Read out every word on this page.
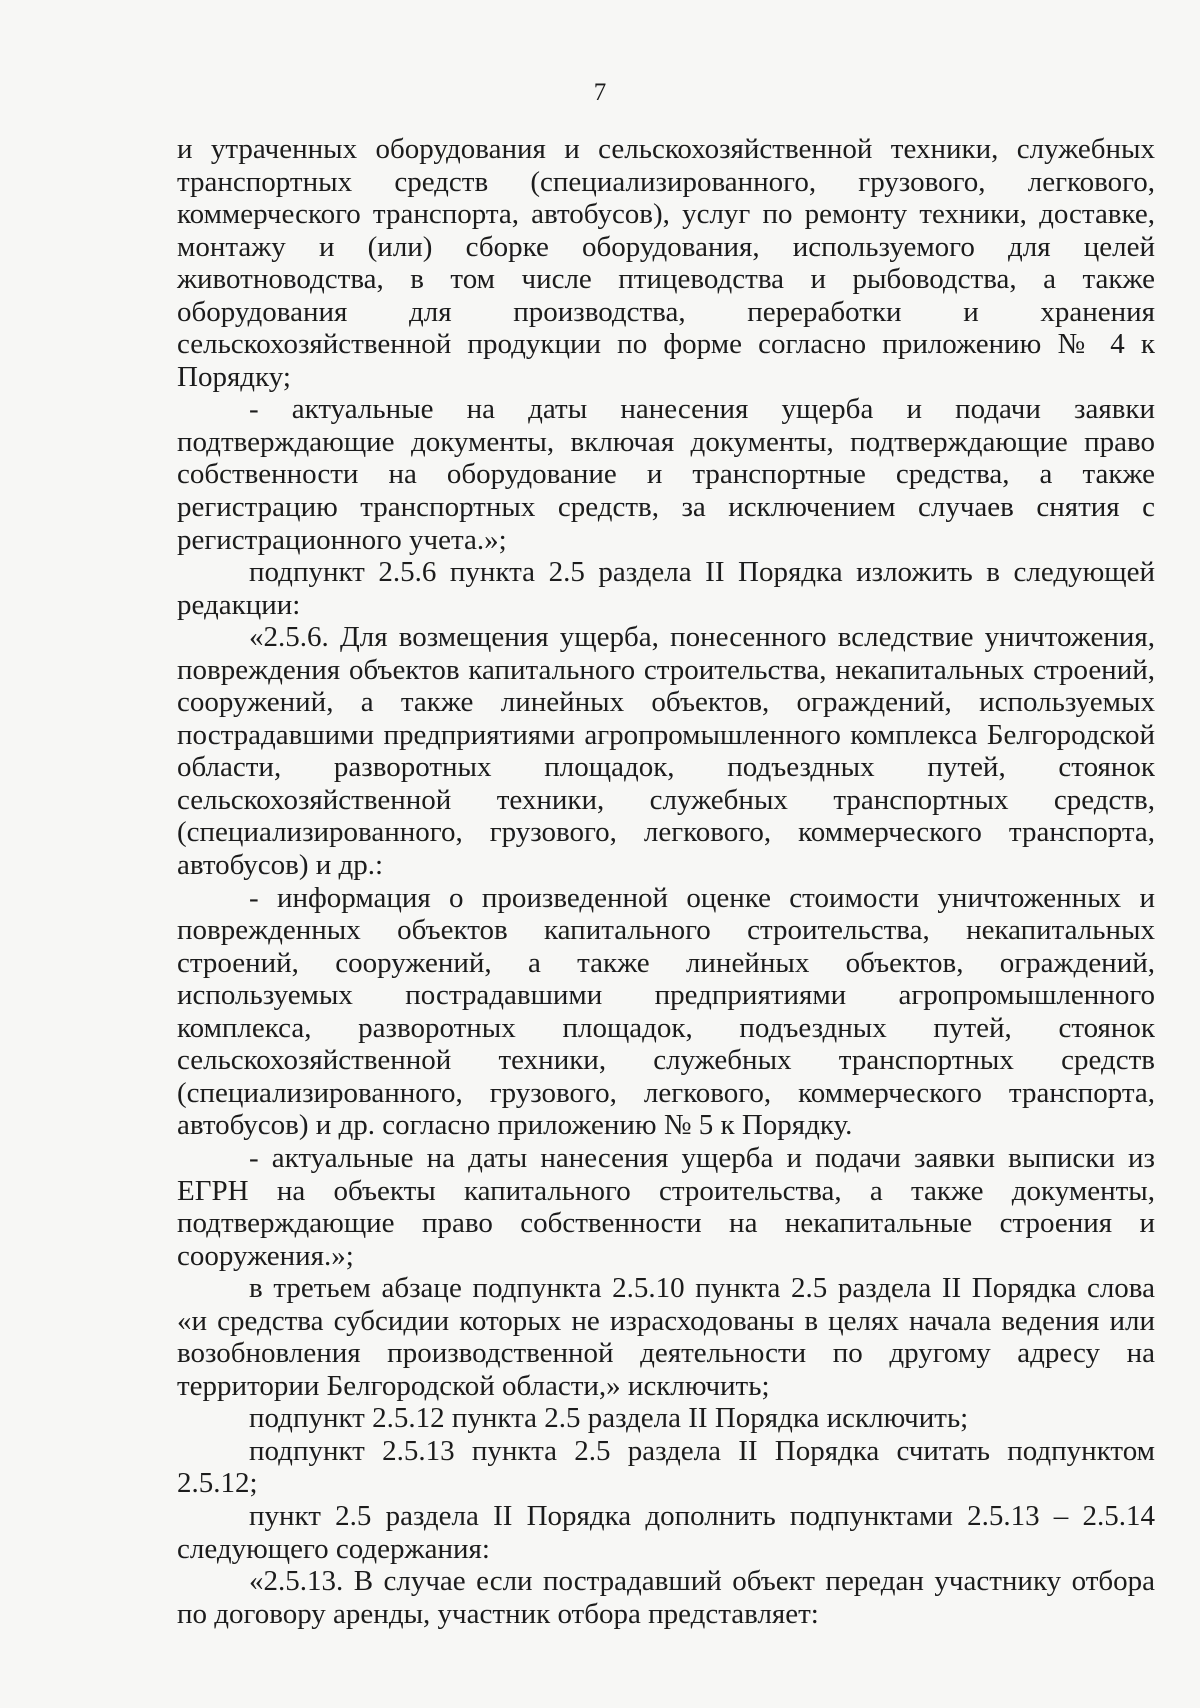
7

и утраченных оборудования и сельскохозяйственной техники, служебных транспортных средств (специализированного, грузового, легкового, коммерческого транспорта, автобусов), услуг по ремонту техники, доставке, монтажу и (или) сборке оборудования, используемого для целей животноводства, в том числе птицеводства и рыбоводства, а также оборудования для производства, переработки и хранения сельскохозяйственной продукции по форме согласно приложению № 4 к Порядку;

- актуальные на даты нанесения ущерба и подачи заявки подтверждающие документы, включая документы, подтверждающие право собственности на оборудование и транспортные средства, а также регистрацию транспортных средств, за исключением случаев снятия с регистрационного учета.»;

подпункт 2.5.6 пункта 2.5 раздела II Порядка изложить в следующей редакции:

«2.5.6. Для возмещения ущерба, понесенного вследствие уничтожения, повреждения объектов капитального строительства, некапитальных строений, сооружений, а также линейных объектов, ограждений, используемых пострадавшими предприятиями агропромышленного комплекса Белгородской области, разворотных площадок, подъездных путей, стоянок сельскохозяйственной техники, служебных транспортных средств, (специализированного, грузового, легкового, коммерческого транспорта, автобусов) и др.:

- информация о произведенной оценке стоимости уничтоженных и поврежденных объектов капитального строительства, некапитальных строений, сооружений, а также линейных объектов, ограждений, используемых пострадавшими предприятиями агропромышленного комплекса, разворотных площадок, подъездных путей, стоянок сельскохозяйственной техники, служебных транспортных средств (специализированного, грузового, легкового, коммерческого транспорта, автобусов) и др. согласно приложению № 5 к Порядку.

- актуальные на даты нанесения ущерба и подачи заявки выписки из ЕГРН на объекты капитального строительства, а также документы, подтверждающие право собственности на некапитальные строения и сооружения.»;

в третьем абзаце подпункта 2.5.10 пункта 2.5 раздела II Порядка слова «и средства субсидии которых не израсходованы в целях начала ведения или возобновления производственной деятельности по другому адресу на территории Белгородской области,» исключить;

подпункт 2.5.12 пункта 2.5 раздела II Порядка исключить;

подпункт 2.5.13 пункта 2.5 раздела II Порядка считать подпунктом 2.5.12;

пункт 2.5 раздела II Порядка дополнить подпунктами 2.5.13 – 2.5.14 следующего содержания:

«2.5.13. В случае если пострадавший объект передан участнику отбора по договору аренды, участник отбора представляет:
